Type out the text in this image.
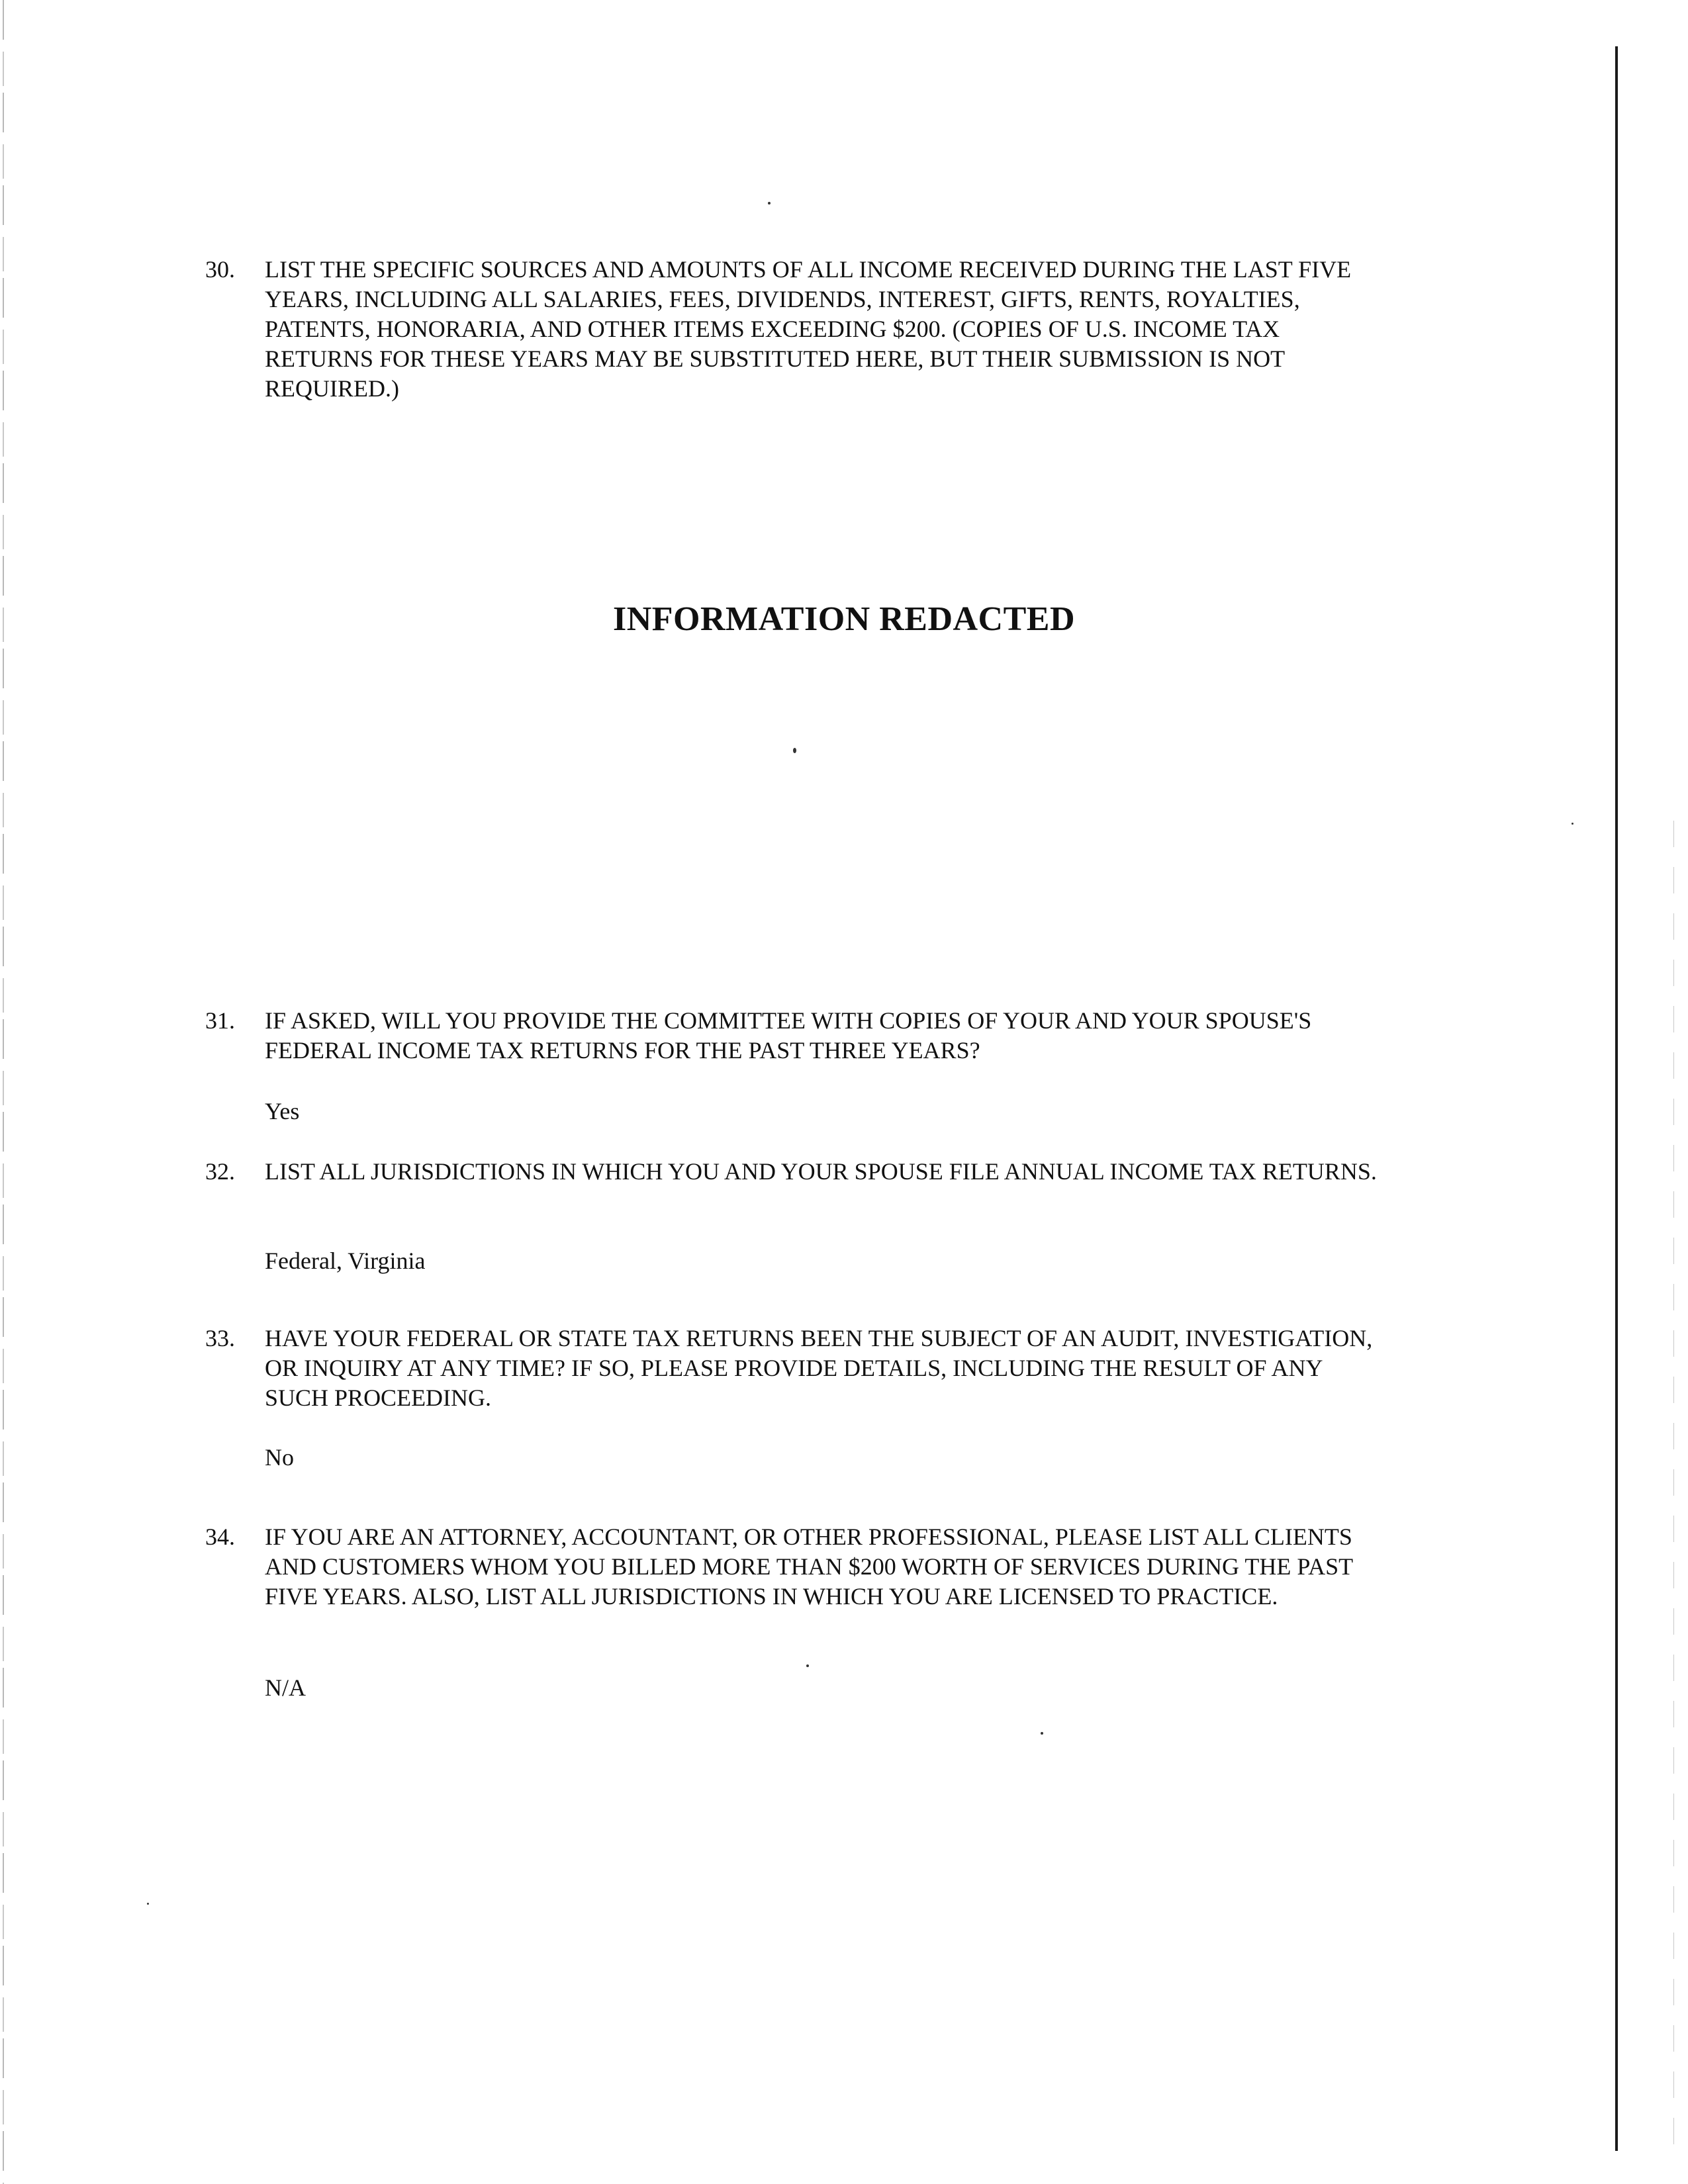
30.	LIST THE SPECIFIC SOURCES AND AMOUNTS OF ALL INCOME RECEIVED DURING THE LAST FIVE YEARS, INCLUDING ALL SALARIES, FEES, DIVIDENDS, INTEREST, GIFTS, RENTS, ROYALTIES, PATENTS, HONORARIA, AND OTHER ITEMS EXCEEDING $200. (COPIES OF U.S. INCOME TAX RETURNS FOR THESE YEARS MAY BE SUBSTITUTED HERE, BUT THEIR SUBMISSION IS NOT REQUIRED.)
INFORMATION REDACTED
31.	IF ASKED, WILL YOU PROVIDE THE COMMITTEE WITH COPIES OF YOUR AND YOUR SPOUSE'S FEDERAL INCOME TAX RETURNS FOR THE PAST THREE YEARS?
Yes
32.	LIST ALL JURISDICTIONS IN WHICH YOU AND YOUR SPOUSE FILE ANNUAL INCOME TAX RETURNS.
Federal, Virginia
33.	HAVE YOUR FEDERAL OR STATE TAX RETURNS BEEN THE SUBJECT OF AN AUDIT, INVESTIGATION, OR INQUIRY AT ANY TIME? IF SO, PLEASE PROVIDE DETAILS, INCLUDING THE RESULT OF ANY SUCH PROCEEDING.
No
34.	IF YOU ARE AN ATTORNEY, ACCOUNTANT, OR OTHER PROFESSIONAL, PLEASE LIST ALL CLIENTS AND CUSTOMERS WHOM YOU BILLED MORE THAN $200 WORTH OF SERVICES DURING THE PAST FIVE YEARS. ALSO, LIST ALL JURISDICTIONS IN WHICH YOU ARE LICENSED TO PRACTICE.
N/A
